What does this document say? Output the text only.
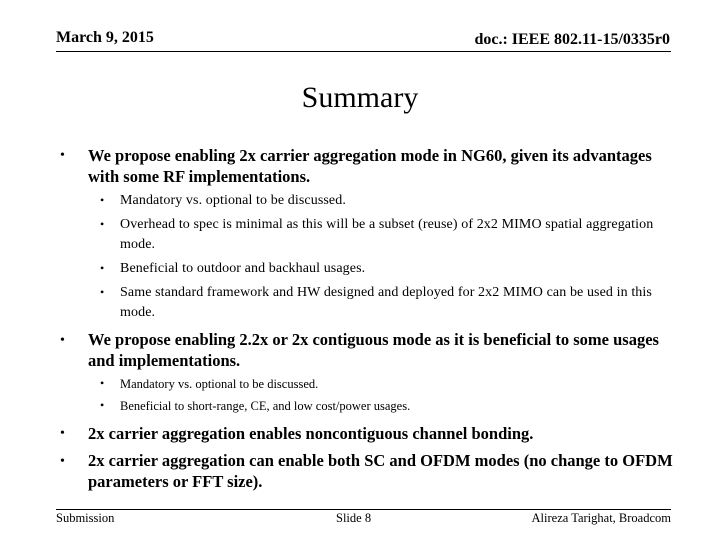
March 9, 2015	doc.: IEEE 802.11-15/0335r0
Summary
•	We propose enabling 2x carrier aggregation mode in NG60, given its advantages with some RF implementations.
• Mandatory vs. optional to be discussed.
• Overhead to spec is minimal as this will be a subset (reuse) of 2x2 MIMO spatial aggregation mode.
• Beneficial to outdoor and backhaul usages.
• Same standard framework and HW designed and deployed for 2x2 MIMO can be used in this mode.
•	We propose enabling 2.2x or 2x contiguous mode as it is beneficial to some usages and implementations.
• Mandatory vs. optional to be discussed.
• Beneficial to short-range, CE, and low cost/power usages.
•	2x carrier aggregation enables noncontiguous channel bonding.
•	2x carrier aggregation can enable both SC and OFDM modes (no change to OFDM parameters or FFT size).
Submission	Slide 8	Alireza Tarighat, Broadcom
